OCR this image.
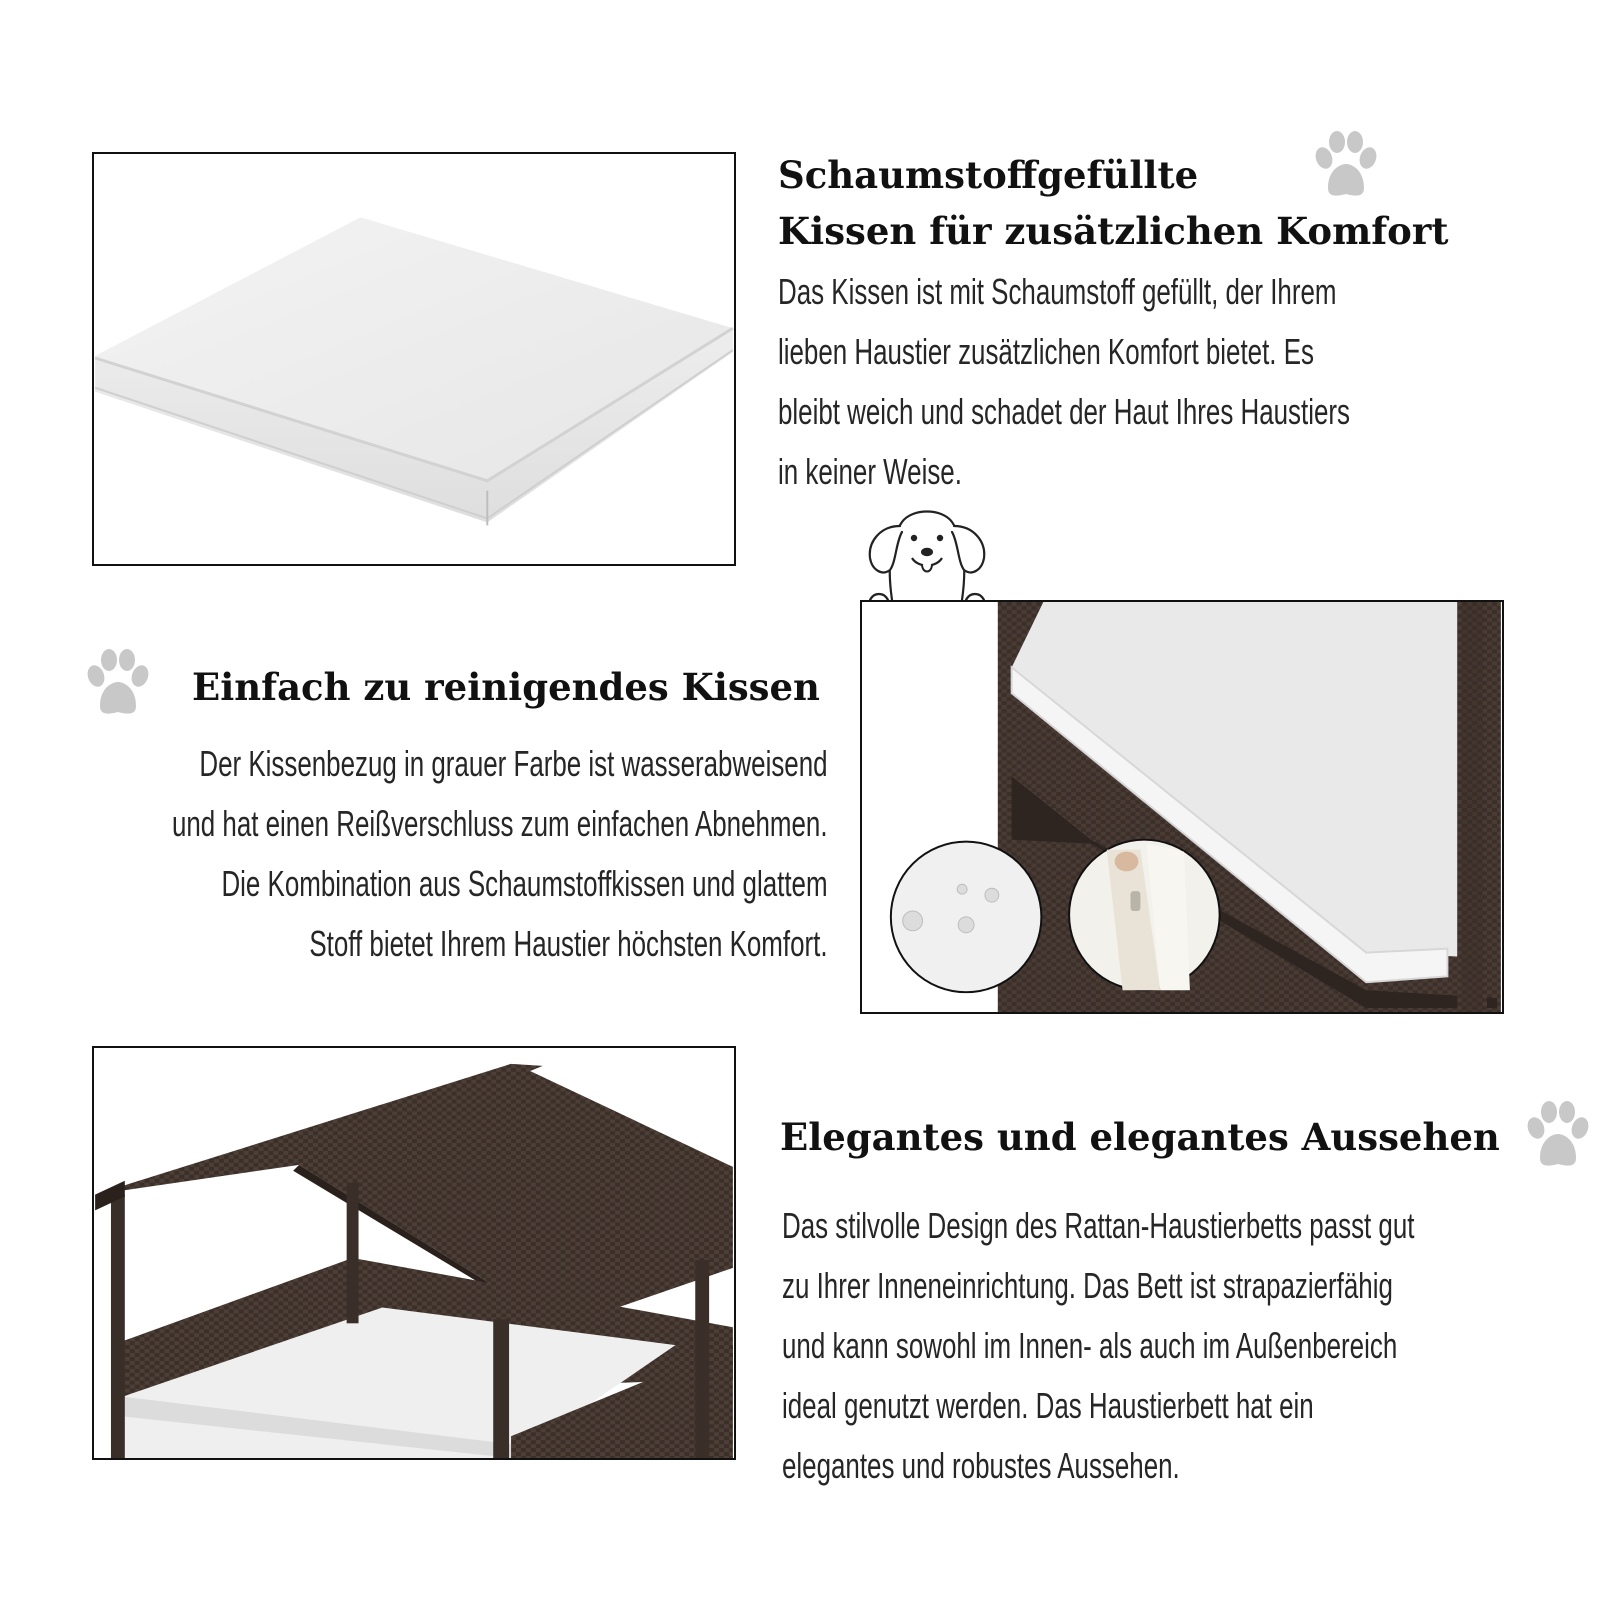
Schaumstoffgefüllte
Kissen für zusätzlichen Komfort
Das Kissen ist mit Schaumstoff gefüllt, der Ihrem
lieben Haustier zusätzlichen Komfort bietet. Es
bleibt weich und schadet der Haut Ihres Haustiers
in keiner Weise.
Einfach zu reinigendes Kissen
Der Kissenbezug in grauer Farbe ist wasserabweisend
und hat einen Reißverschluss zum einfachen Abnehmen.
Die Kombination aus Schaumstoffkissen und glattem
Stoff bietet Ihrem Haustier höchsten Komfort.
Elegantes und elegantes Aussehen
Das stilvolle Design des Rattan-Haustierbetts passt gut
zu Ihrer Inneneinrichtung. Das Bett ist strapazierfähig
und kann sowohl im Innen- als auch im Außenbereich
ideal genutzt werden. Das Haustierbett hat ein
elegantes und robustes Aussehen.
